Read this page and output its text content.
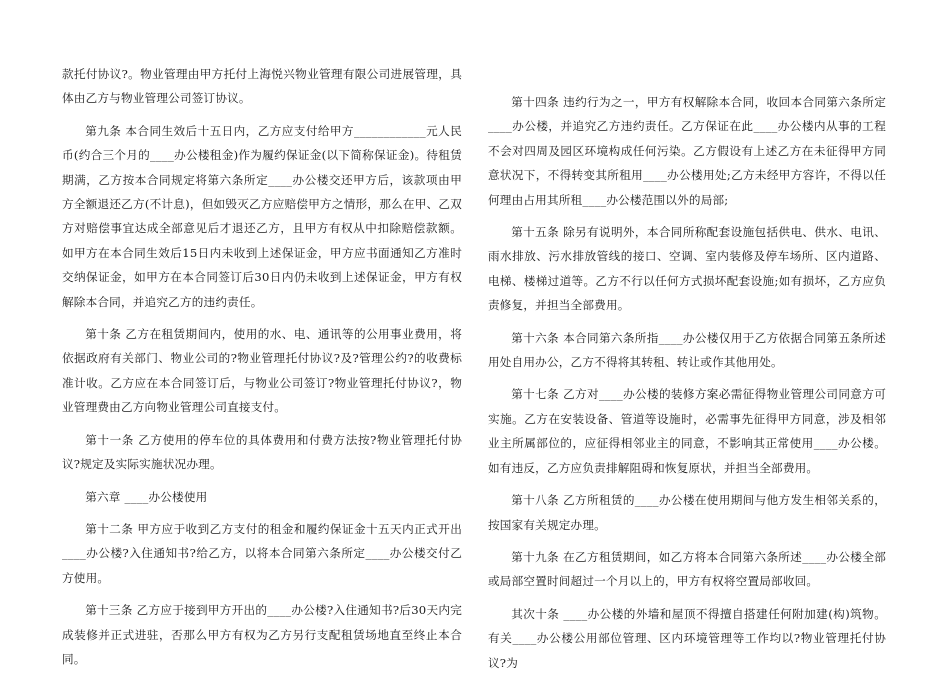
款托付协议?。物业管理由甲方托付上海悦兴物业管理有限公司进展管理，具体由乙方与物业管理公司签订协议。

第九条 本合同生效后十五日内，乙方应支付给甲方____________元人民币(约合三个月的____办公楼租金)作为履约保证金(以下简称保证金)。待租赁期满，乙方按本合同规定将第六条所定____办公楼交还甲方后，该款项由甲方全额退还乙方(不计息)，但如毁灭乙方应赔偿甲方之情形，那么在甲、乙双方对赔偿事宜达成全部意见后才退还乙方，且甲方有权从中扣除赔偿款额。如甲方在本合同生效后15日内未收到上述保证金，甲方应书面通知乙方准时交纳保证金，如甲方在本合同签订后30日内仍未收到上述保证金，甲方有权解除本合同，并追究乙方的违约责任。

第十条 乙方在租赁期间内，使用的水、电、通讯等的公用事业费用，将依据政府有关部门、物业公司的?物业管理托付协议?及?管理公约?的收费标准计收。乙方应在本合同签订后，与物业公司签订?物业管理托付协议?，物业管理费由乙方向物业管理公司直接支付。

第十一条 乙方使用的停车位的具体费用和付费方法按?物业管理托付协议?规定及实际实施状况办理。

第六章 ____办公楼使用

第十二条 甲方应于收到乙方支付的租金和履约保证金十五天内正式开出____办公楼?入住通知书?给乙方，以将本合同第六条所定____办公楼交付乙方使用。

第十三条 乙方应于接到甲方开出的____办公楼?入住通知书?后30天内完成装修并正式进驻，否那么甲方有权为乙方另行支配租赁场地直至终止本合同。

第十四条 违约行为之一，甲方有权解除本合同，收回本合同第六条所定____办公楼，并追究乙方违约责任。乙方保证在此____办公楼内从事的工程不会对四周及园区环境构成任何污染。乙方假设有上述乙方在未征得甲方同意状况下，不得转变其所租用____办公楼用处;乙方未经甲方容许，不得以任何理由占用其所租____办公楼范围以外的局部;

第十五条 除另有说明外，本合同所称配套设施包括供电、供水、电讯、雨水排放、污水排放管线的接口、空调、室内装修及停车场所、区内道路、电梯、楼梯过道等。乙方不行以任何方式损坏配套设施;如有损坏，乙方应负责修复，并担当全部费用。

第十六条 本合同第六条所指____办公楼仅用于乙方依据合同第五条所述用处自用办公，乙方不得将其转租、转让或作其他用处。

第十七条 乙方对____办公楼的装修方案必需征得物业管理公司同意方可实施。乙方在安装设备、管道等设施时，必需事先征得甲方同意，涉及相邻业主所属部位的，应征得相邻业主的同意，不影响其正常使用____办公楼。如有违反，乙方应负责排解阻碍和恢复原状，并担当全部费用。

第十八条 乙方所租赁的____办公楼在使用期间与他方发生相邻关系的，按国家有关规定办理。

第十九条 在乙方租赁期间，如乙方将本合同第六条所述____办公楼全部或局部空置时间超过一个月以上的，甲方有权将空置局部收回。

其次十条 ____办公楼的外墙和屋顶不得擅自搭建任何附加建(构)筑物。有关____办公楼公用部位管理、区内环境管理等工作均以?物业管理托付协议?为
